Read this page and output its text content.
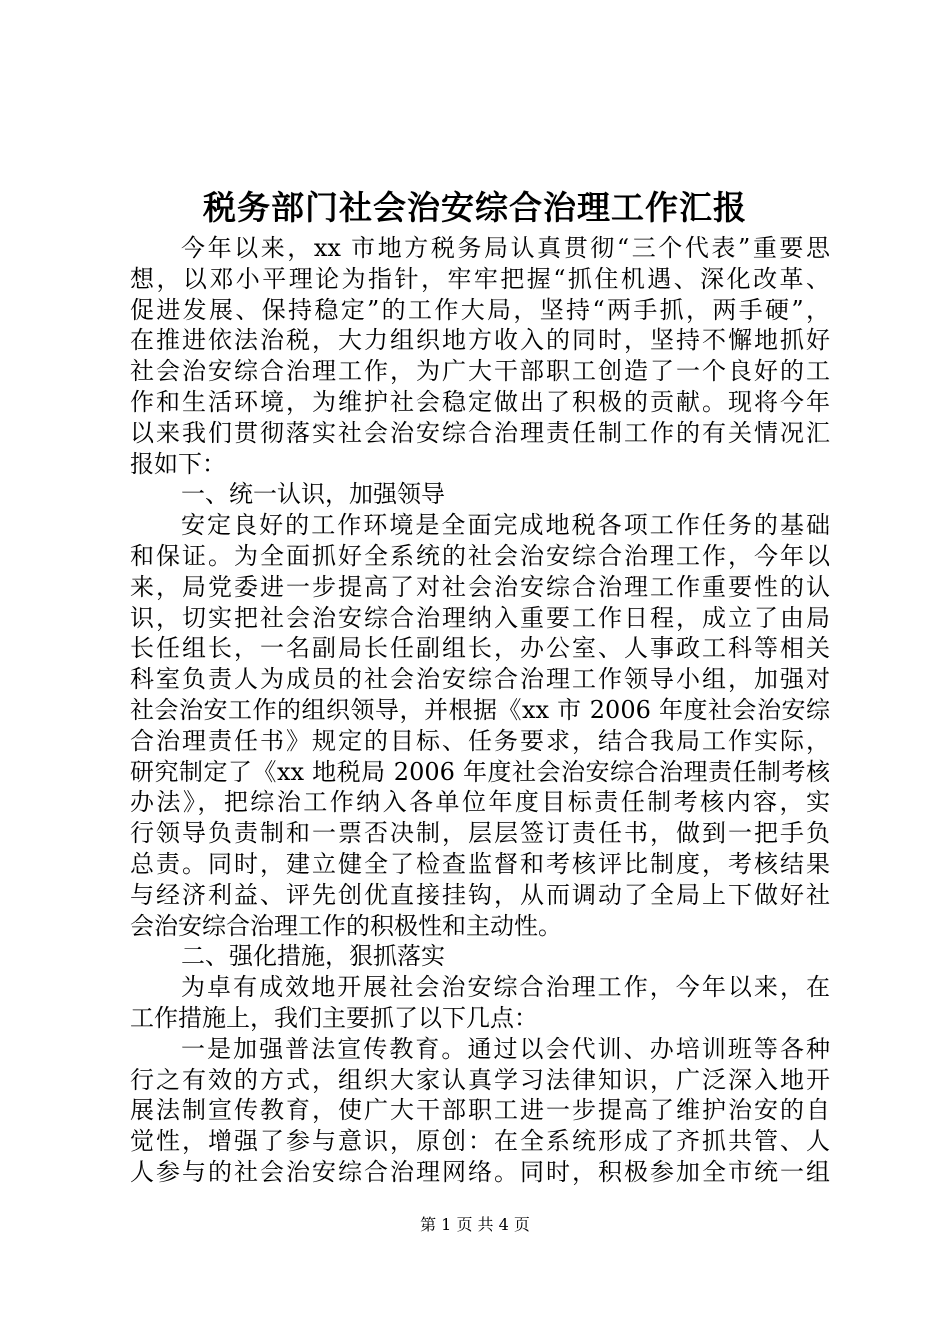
税务部门社会治安综合治理工作汇报
今年以来，xx 市地方税务局认真贯彻“三个代表”重要思
想，以邓小平理论为指针，牢牢把握“抓住机遇、深化改革、
促进发展、保持稳定”的工作大局，坚持“两手抓，两手硬”，
在推进依法治税，大力组织地方收入的同时，坚持不懈地抓好
社会治安综合治理工作，为广大干部职工创造了一个良好的工
作和生活环境，为维护社会稳定做出了积极的贡献。现将今年
以来我们贯彻落实社会治安综合治理责任制工作的有关情况汇
报如下：
一、统一认识，加强领导
安定良好的工作环境是全面完成地税各项工作任务的基础
和保证。为全面抓好全系统的社会治安综合治理工作，今年以
来，局党委进一步提高了对社会治安综合治理工作重要性的认
识，切实把社会治安综合治理纳入重要工作日程，成立了由局
长任组长，一名副局长任副组长，办公室、人事政工科等相关
科室负责人为成员的社会治安综合治理工作领导小组，加强对
社会治安工作的组织领导，并根据《xx 市 2006 年度社会治安综
合治理责任书》规定的目标、任务要求，结合我局工作实际，
研究制定了《xx 地税局 2006 年度社会治安综合治理责任制考核
办法》，把综治工作纳入各单位年度目标责任制考核内容，实
行领导负责制和一票否决制，层层签订责任书，做到一把手负
总责。同时，建立健全了检查监督和考核评比制度，考核结果
与经济利益、评先创优直接挂钩，从而调动了全局上下做好社
会治安综合治理工作的积极性和主动性。
二、强化措施，狠抓落实
为卓有成效地开展社会治安综合治理工作，今年以来，在
工作措施上，我们主要抓了以下几点：
一是加强普法宣传教育。通过以会代训、办培训班等各种
行之有效的方式，组织大家认真学习法律知识，广泛深入地开
展法制宣传教育，使广大干部职工进一步提高了维护治安的自
觉性，增强了参与意识，原创：在全系统形成了齐抓共管、人
人参与的社会治安综合治理网络。同时，积极参加全市统一组
第 1 页 共 4 页
